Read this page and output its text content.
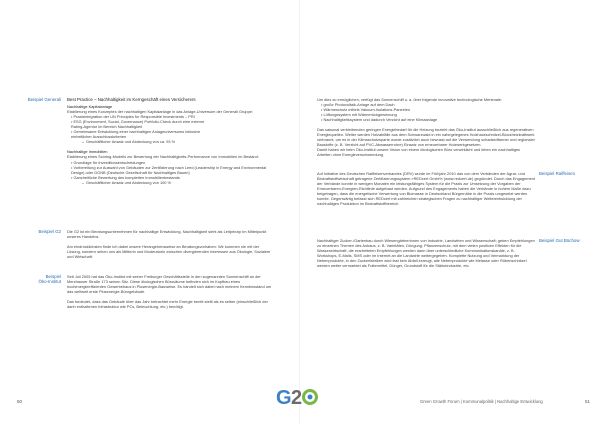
Beispiel Generali Best Practice – Nachhaltigkeit im Kerngeschäft eines Versicherers

Nachhaltige Kapitalanlage

Etablierung eines Konzeptes der nachhaltigen Kapitalanlage in das Anlage-Universum der Generali Gruppe:

• Praxisintegration der UN Principles for Responsible Investments – PRI

• ESG (Environment, Social, Governance) Portfolio-Check durch eine externe

Rating-Agentur im Bereich Nachhaltigkeit

• Gemeinsame Entwicklung einer nachhaltigen Anlageuniversums inklusive

einheitlicher Ausschlusskriterien

→ Geschäftlicher Ansatz und Abdeckung von ca. 93 %

Nachhaltige Immobilien

Etablierung eines Scoring-Modells zur Bewertung der Nachhaltigkeits-Performance von Immobilien im Bestand:

• Grundlage für Investitionsentscheidungen

• Vorbereitung zur Auswahl von Gebäuden zur Zertifizierung nach Leed (Leadership in Energy and Environmental Design) oder DGNB (Deutsche Gesellschaft für Nachhaltiges Bauen)

• Ganzheitliche Bewertung des kompletten Immobilienbestands

→ Geschäftlicher Ansatz und Abdeckung von 100 %

Beispiel G2 Die G2 ist ein Beratungsunternehmen für nachhaltige Entwicklung. Nachhaltigkeit sieht als Leitprinzip im Mittelpunkt unseres Handelns.

Am eindrücklichsten finde ich dabei unsere Herangehensweise an Beratungsvorhaben: Wir kommen nie mit der Lösung, sondern sehen uns als Mittlerin und Moderatorin zwischen divergierenden Interessen aus Ökologie, Sozialem und Wirtschaft.

Beispiel
Öko-Institut

Seit Juli 2005 hat das Öko-Institut mit seiner Freiburger Geschäftsstelle in den sogenannten Sonnenschiff an der Merzhauser Straße 173 seinen Sitz. Diese ökologischen Bürosäume befinden sich im Kopfbau eines hochenergieeffizienten Gewerbebaus in Plusenergie-Bauweise. Es handelt sich dabei nach meinem Kenntnisstand um das weltweit erste Plusenergie-Bürogebäude.

Das bedeutet, dass das Gebäude über das Jahr betrachtet mehr Energie bereit stellt als es selber (einschließlich der darin enthaltenen Infrastruktur wie PCs, Beleuchtung, etc.) benötigt.

50

Um dies zu ermöglichen, verfügt das Sonnenschiff u. a. über folgende innovative technologische Merkmale:

• große Photovoltaik-Anlage auf dem Dach

• Wärmeschutz mittels Vakuum-Isolations-Paneelen

• Lüftungssystem mit Wärmerückgewinnung

• Nachhaltigkeitssystem und dadurch Verzicht auf eine Klimaanlage

Das saisonal verbleibenden geringen Energiebedarf für die Heizung bezieht das Öko-Institut ausschließlich aus regenerativen Energiequellen. Weiter werden Holzabfälle aus dem Schwarzwald in ein nahegelegenes Holzhackschnitzel-Blockheizkraftwerk verbrannt, um es in der Klimaschutzsparte wurde zusätzlich auch bewusst auf die Verwendung schadstoffarmer und regionaler Baustoffe (z. B. Verzicht auf PVC-Abwasserrohre) Einsatz von erneuerbarer Holzwerkgesetzen.

Damit haben wir beim Öko-Institut unsere Vision von einem ökologischen Büro verwirklicht und leben ein nachhaltiges Arbeiten ohne Energieverschwendung.

Beispiel Raiffeisen

Auf Initiative des Deutschen Raiffeisenverbandes (DRV) wurde im Frühjahr 2010 das von dem Verbänden der Agrar- und Biokraftstoffwirtschaft getragene Zertifizierungssystem »REDcert GmbH« (www.redcert.de) gegründet. Durch das Engagement der Verbände konnte in wenigen Monaten ein leistungsfähiges System für die Praxis zur Umsetzung der Vorgaben der Erneuerbaren-Energien-Richtlinie aufgebaut werden. Aufgrund des Engagements haben die Verbände in hohem Maße dazu beigetragen, dass die energetische Verwertung von Biomasse in Deutschland Bürgernähe in die Praxis umgesetzt werden konnte. Gegenwärtig befasst sich REDcert mit zahlreichen strategischen Fragen zu nachhaltiger Weiterentwicklung der nachhaltigen Produktion im Biokraftstoffbereich.

Beispiel Gut Büchow

Nachhaltiger Zucker-/Gartenbau durch Wiesengärtnerinnen von Industrie, Landwirten und Wissenschaft; geben Empfehlungen zu einzelnen Themen des Anbaus, z. B. Varietäten, Düngung, Pflanzenschutz, mit dem vielen positiven Effekten für die Wasserwirtschaft; die erarbeiteten Empfehlungen werden dann über unterschiedliche Kommunikationskanäle, z. B. Workshops, E-Mails, SMS oder im Internet an die Landwirte weitergegeben. Komplette Nutzung und Vermarktung der Nebenprodukte, in den Zuckerfabriken wird fast kein Abfall erzeugt, alle Nebenprodukte wie Melasse oder Rübenschnitzel werden weiter vermarktet als Futtermittel, Dünger, Grundstoff für die Stärkeindustrie, etc.

Green Growth Forum | Kommunalpolitik | Nachhaltige Entwicklung	51
G 2
